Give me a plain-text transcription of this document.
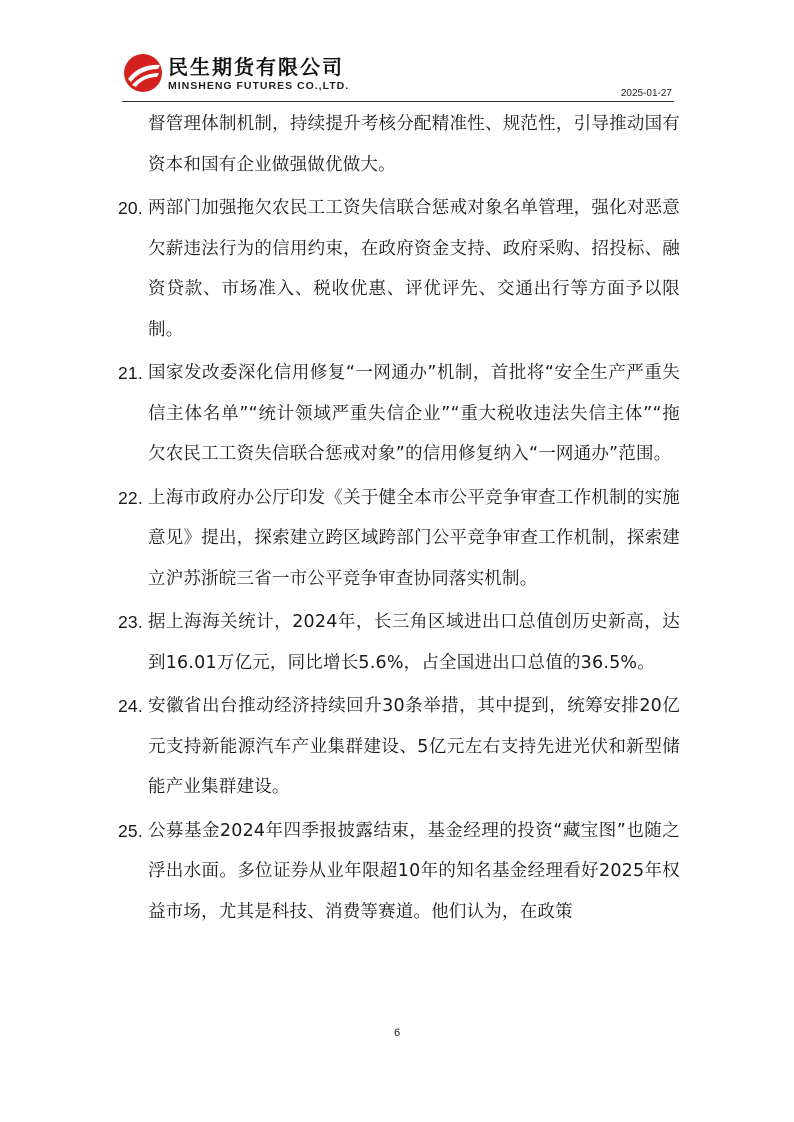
民生期货有限公司
MINSHENG FUTURES CO.,LTD.
2025-01-27
督管理体制机制，持续提升考核分配精准性、规范性，引导推动国有资本和国有企业做强做优做大。
20. 两部门加强拖欠农民工工资失信联合惩戒对象名单管理，强化对恶意欠薪违法行为的信用约束，在政府资金支持、政府采购、招投标、融资贷款、市场准入、税收优惠、评优评先、交通出行等方面予以限制。
21. 国家发改委深化信用修复“一网通办”机制，首批将“安全生产严重失信主体名单”“统计领域严重失信企业”“重大税收违法失信主体”“拖欠农民工工资失信联合惩戒对象”的信用修复纳入“一网通办”范围。
22. 上海市政府办公厅印发《关于健全本市公平竞争审查工作机制的实施意见》提出，探索建立跨区域跨部门公平竞争审查工作机制，探索建立沪苏浙皖三省一市公平竞争审查协同落实机制。
23. 据上海海关统计，2024年，长三角区域进出口总值创历史新高，达到16.01万亿元，同比增长5.6%，占全国进出口总值的36.5%。
24. 安徽省出台推动经济持续回升30条举措，其中提到，统筹安排20亿元支持新能源汽车产业集群建设、5亿元左右支持先进光伏和新型储能产业集群建设。
25. 公募基金2024年四季报披露结束，基金经理的投资“藏宝图”也随之浮出水面。多位证券从业年限超10年的知名基金经理看好2025年权益市场，尤其是科技、消费等赛道。他们认为，在政策
6
